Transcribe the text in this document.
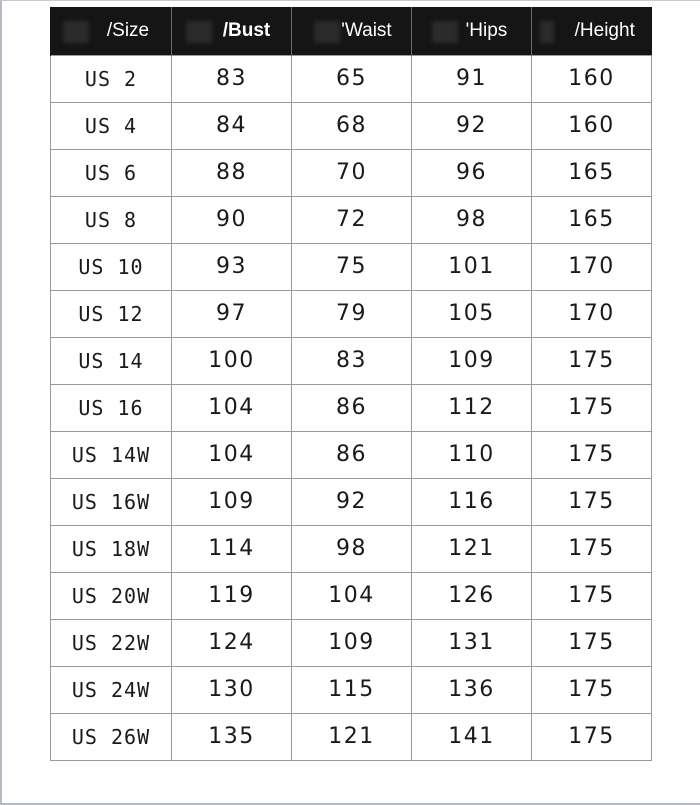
/Size	/Bust	'Waist	'Hips	/Height
US 2	83	65	91	160
US 4	84	68	92	160
US 6	88	70	96	165
US 8	90	72	98	165
US 10	93	75	101	170
US 12	97	79	105	170
US 14	100	83	109	175
US 16	104	86	112	175
US 14W	104	86	110	175
US 16W	109	92	116	175
US 18W	114	98	121	175
US 20W	119	104	126	175
US 22W	124	109	131	175
US 24W	130	115	136	175
US 26W	135	121	141	175
